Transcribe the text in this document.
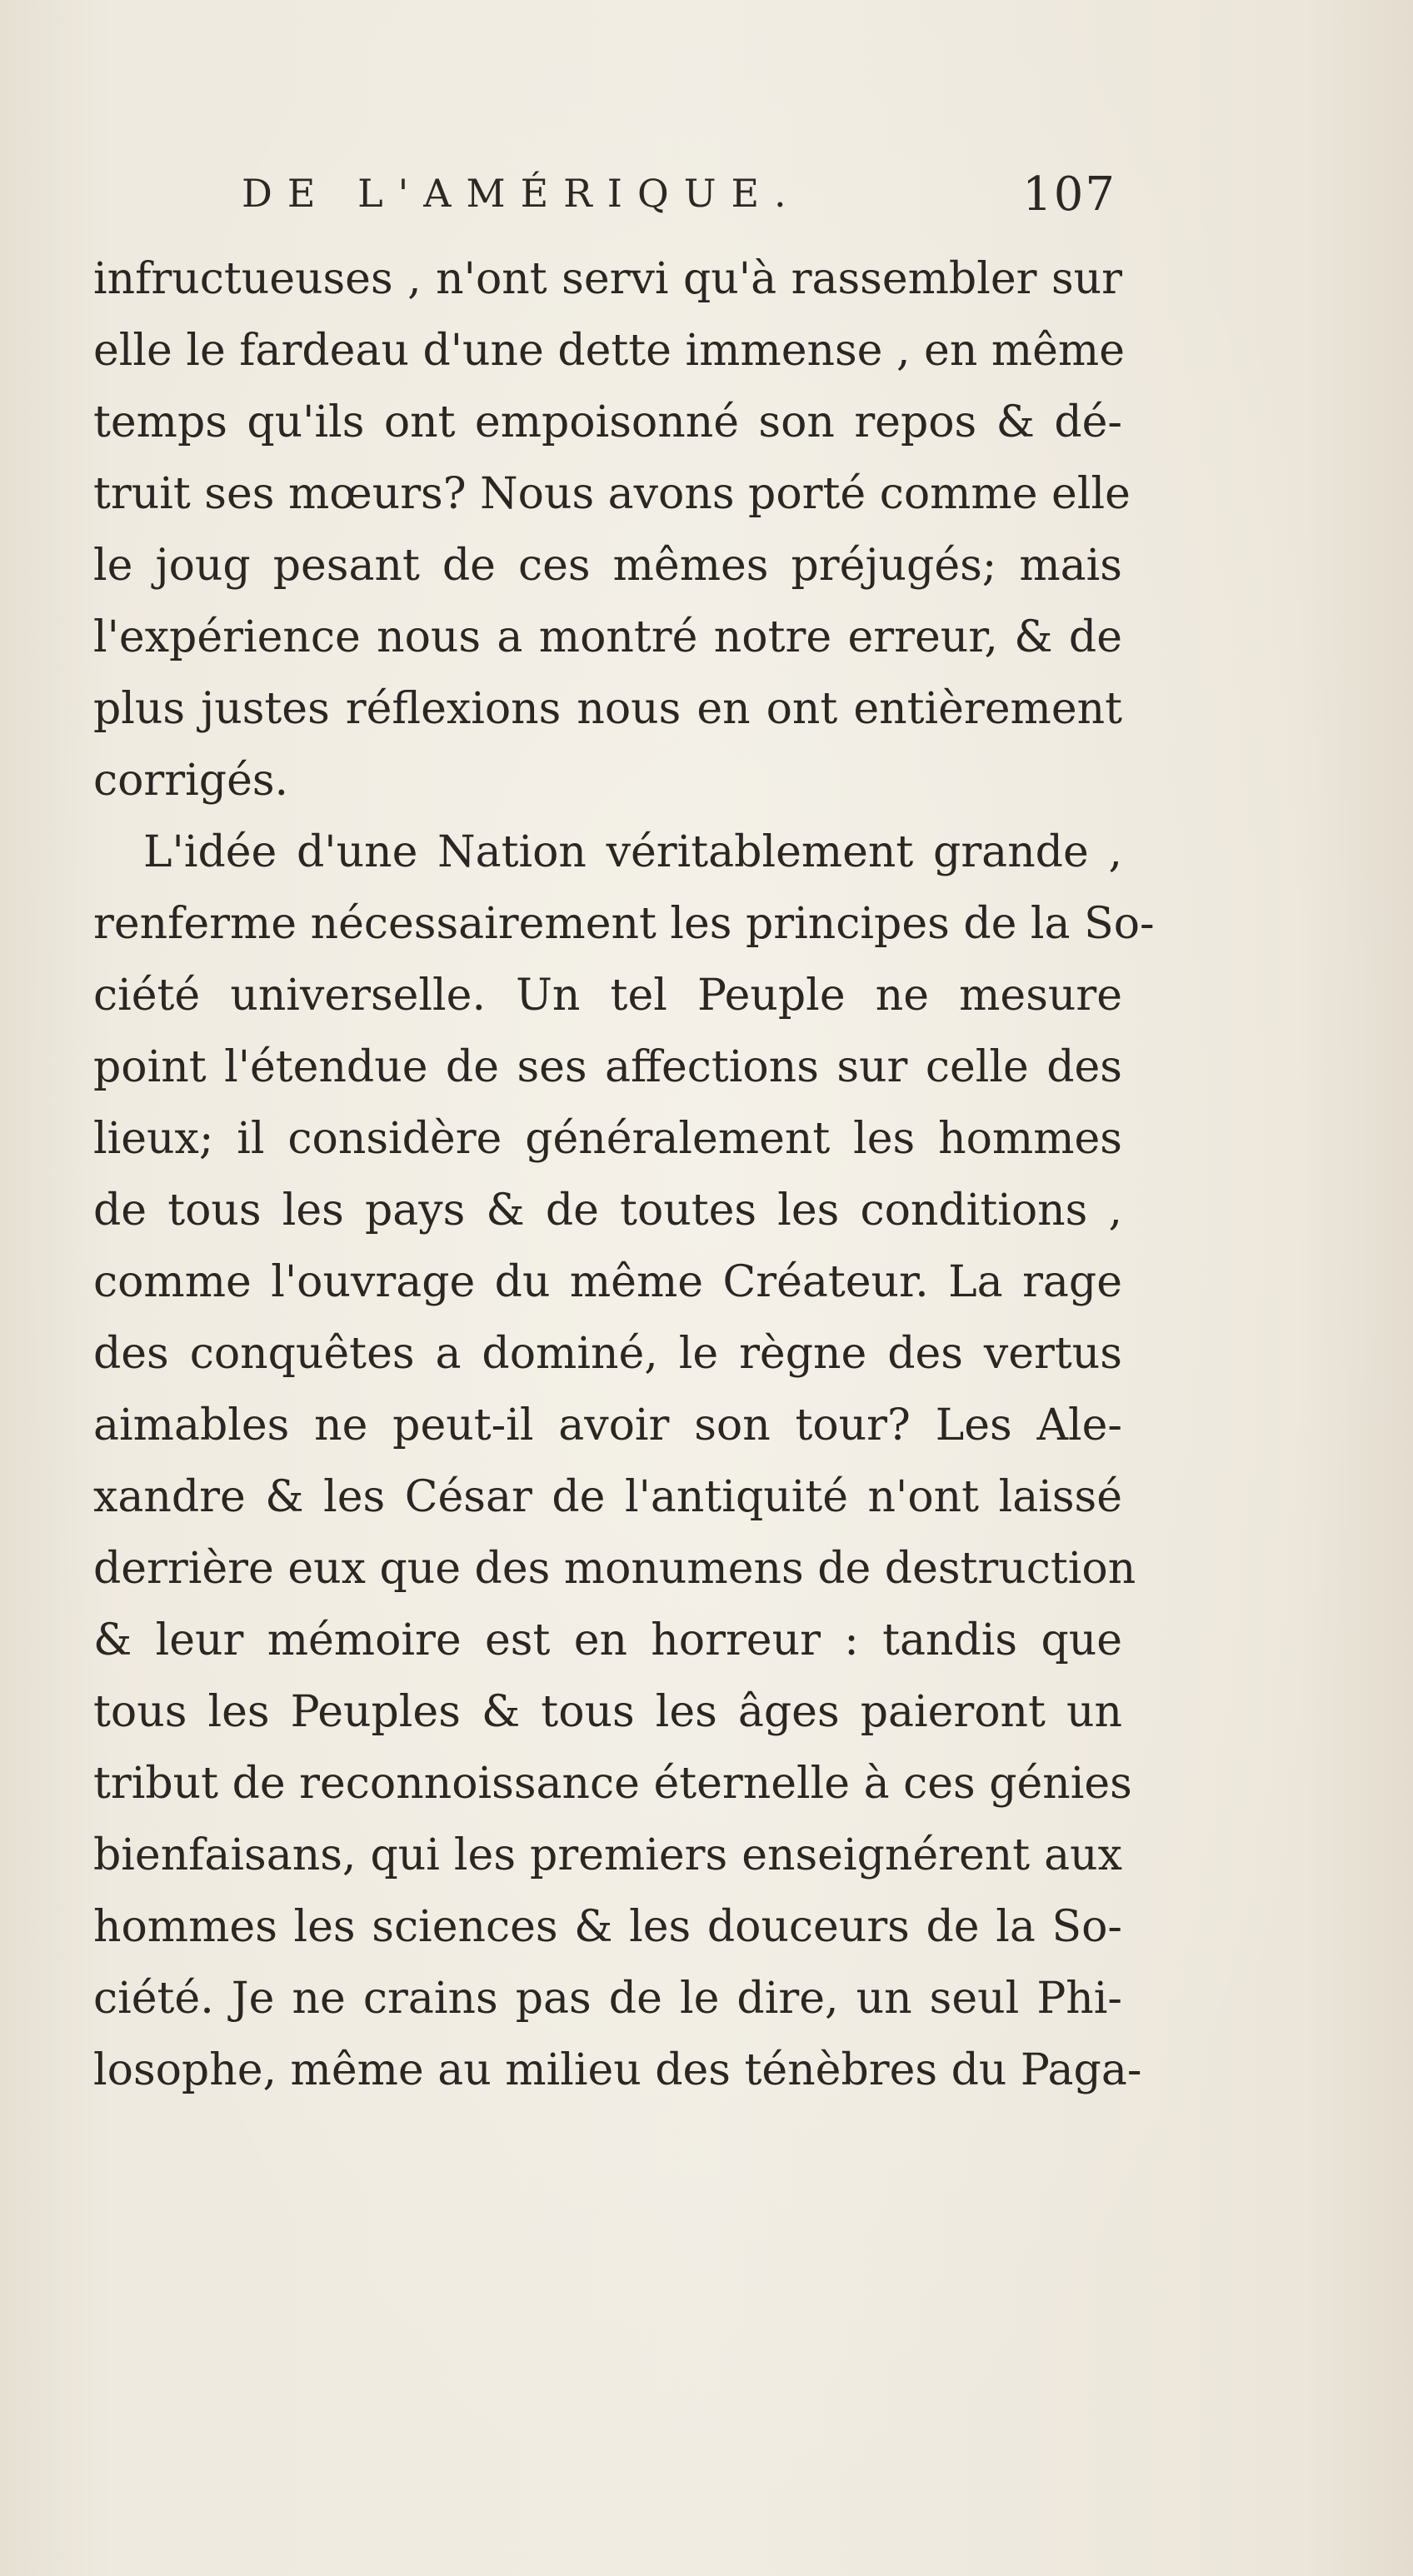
DE L'AMÉRIQUE.	107
infructueuses , n'ont servi qu'à rassembler sur
elle le fardeau d'une dette immense , en même
temps qu'ils ont empoisonné son repos & dé-
truit ses mœurs? Nous avons porté comme elle
le joug pesant de ces mêmes préjugés; mais
l'expérience nous a montré notre erreur, & de
plus justes réflexions nous en ont entièrement
corrigés.
L'idée d'une Nation véritablement grande ,
renferme nécessairement les principes de la So-
ciété universelle. Un tel Peuple ne mesure
point l'étendue de ses affections sur celle des
lieux; il considère généralement les hommes
de tous les pays & de toutes les conditions ,
comme l'ouvrage du même Créateur. La rage
des conquêtes a dominé, le règne des vertus
aimables ne peut-il avoir son tour? Les Ale-
xandre & les César de l'antiquité n'ont laissé
derrière eux que des monumens de destruction
& leur mémoire est en horreur : tandis que
tous les Peuples & tous les âges paieront un
tribut de reconnoissance éternelle à ces génies
bienfaisans, qui les premiers enseignérent aux
hommes les sciences & les douceurs de la So-
ciété. Je ne crains pas de le dire, un seul Phi-
losophe, même au milieu des ténèbres du Paga-
